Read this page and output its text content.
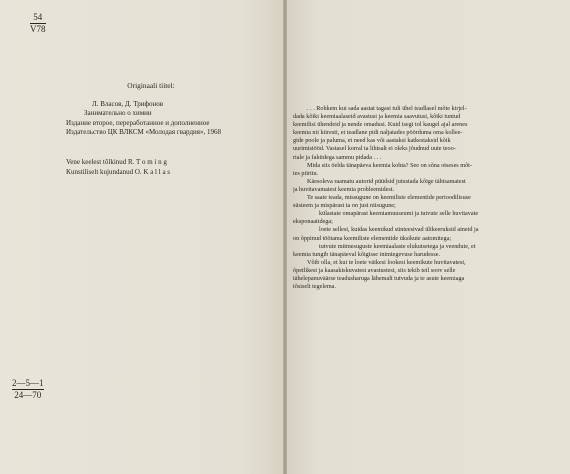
54
V78
Originaali tiitel:
Л. Власов, Д. Трифонов
Занимательно о химии
Издание второе, переработанное и дополненное
Издательство ЦК ВЛКСМ «Молодая гвардия», 1968
Vene keelest tõlkinud R. T o m i n g
Kunstiliselt kujundanud O. K a l l a s
2—5—1
24—70
. . . Rohkem kui sada aastat tagasi tuli ühel teadlasel mõte kirjel-
dada kõiki keemiaalaseid avastusi ja keemia saavutusi, kõiki tuntud
keemilisi ühendeid ja nende omadusi. Kuid isegi tol kaugel ajal arenes
keemia nii kiiresti, et teadlane pidi naljatades pöörduma oma kollee-
gide poole ja paluma, et need kas või aastaksi katkestaksid kõik
uurimistööd. Vastasel korral ta lihtsalt ei oleks jõudnud uute teoo-
riale ja faktidega sammu pidada . . .
Mida siis öelda tänapäeva keemia kohta? See on sõna otseses mõt-
tes piiritu.
Käesoleva raamatu autorid püüdsid jutustada kõige tähtsamatest
ja huvitavamatest keemia probleemidest.
Te saate teada, missugune on keemiliste elementide perioodilisuse
süsteem ja mispärast ta on just niisugune;
külastate omapärast keemiamuuseumi ja tutvute selle huvitavate
eksponaatidega;
loete sellest, kuidas keemikud sünteesivad ülikeeruksid aineid ja
on õppinud töötama keemiliste elementide üksikute aatomitega;
tutvute mitmesuguste keemiaalaste elukutsetega ja veendute, et
keemia tungib tänapäeval kõigisse inimtegevuse harudesse.
Võib olla, et kui te loete väikesi lookesi keemikute huvitavatest,
õpetlikest ja kaasakiskuvatest avastustest, siis tekib teil soov selle
tähelepanuväärse teadusharuga lähemalt tutvuda ja te asute keemiaga
tõsiselt tegelema.
